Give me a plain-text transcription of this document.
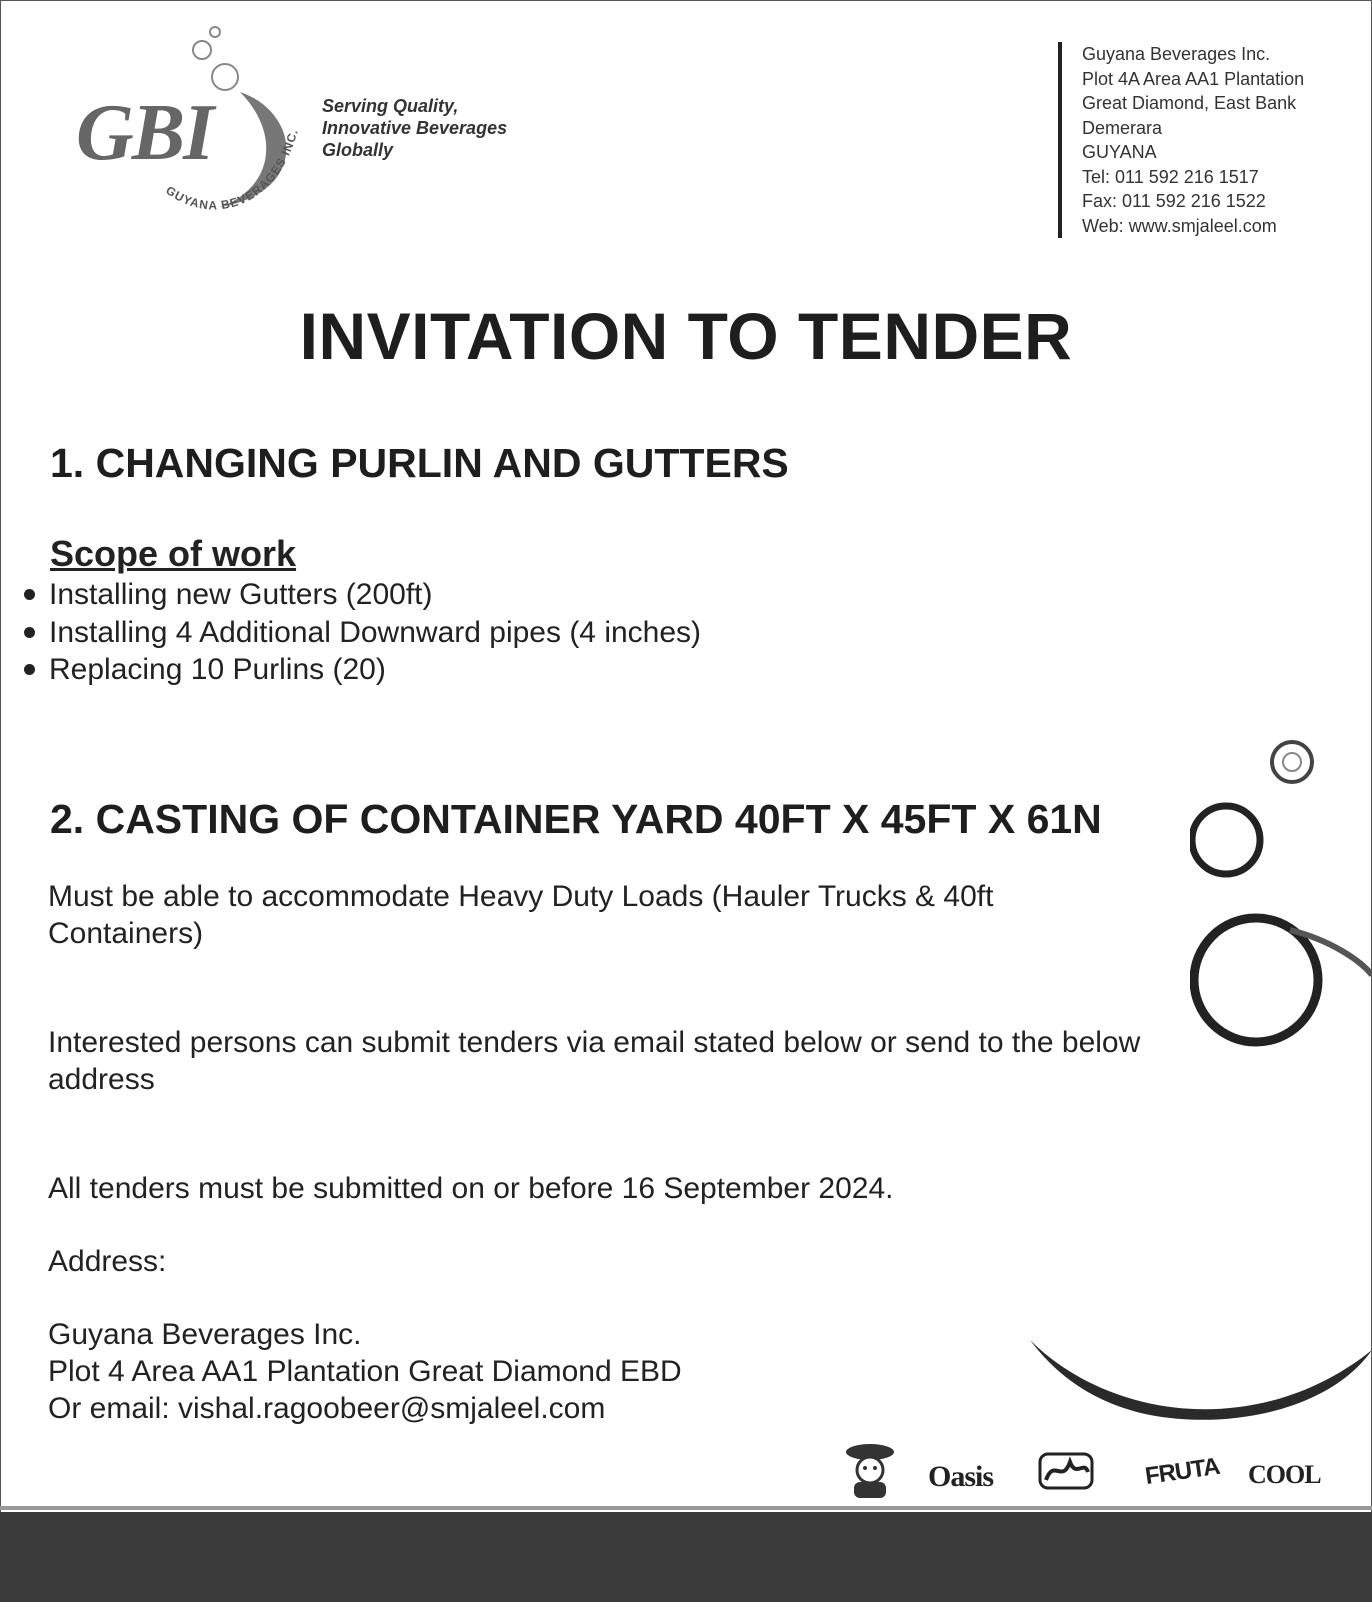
GUYANA BEVERAGES INC.
GBI	Serving Quality,
Innovative Beverages
Globally
Guyana Beverages Inc.
Plot 4A Area AA1 Plantation
Great Diamond, East Bank
Demerara
GUYANA
Tel: 011 592 216 1517
Fax: 011 592 216 1522
Web: www.smjaleel.com
INVITATION TO TENDER
1. CHANGING PURLIN AND GUTTERS
Scope of work
Installing new Gutters (200ft)
Installing 4 Additional Downward pipes (4 inches)
Replacing 10 Purlins (20)
2. CASTING OF CONTAINER YARD 40FT X 45FT X 61N
Must be able to accommodate Heavy Duty Loads (Hauler Trucks & 40ft
Containers)
Interested persons can submit tenders via email stated below or send to the below
address
All tenders must be submitted on or before 16 September 2024.
Address:
Guyana Beverages Inc.
Plot 4 Area AA1 Plantation Great Diamond EBD
Or email: vishal.ragoobeer@smjaleel.com
Oasis	FRUTA COOL
